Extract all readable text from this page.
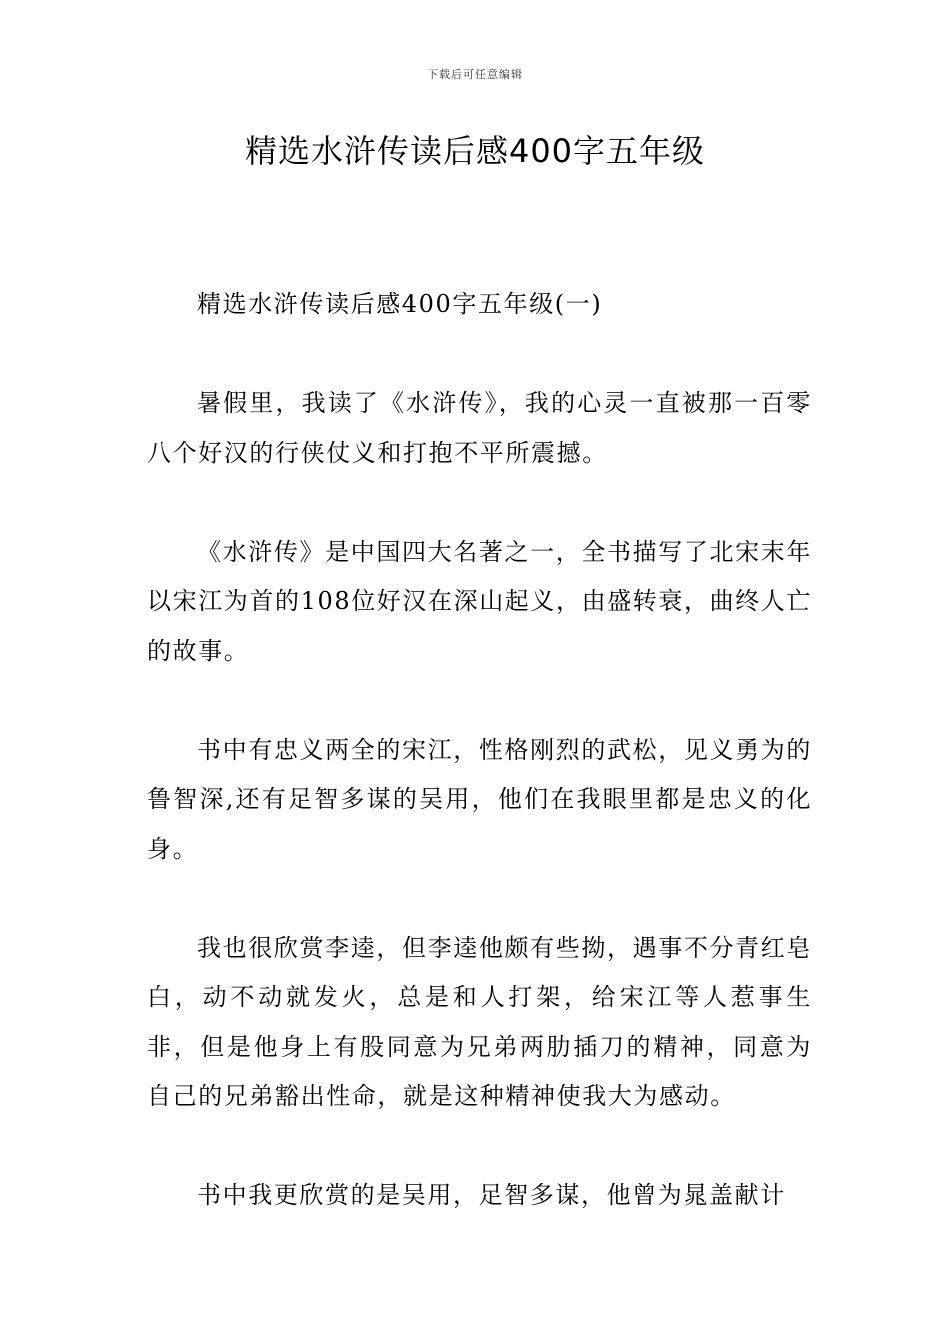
下载后可任意编辑
精选水浒传读后感400字五年级

精选水浒传读后感400字五年级(一)

暑假里，我读了《水浒传》，我的心灵一直被那一百零八个好汉的行侠仗义和打抱不平所震撼。

《水浒传》是中国四大名著之一，全书描写了北宋末年以宋江为首的108位好汉在深山起义，由盛转衰，曲终人亡的故事。

书中有忠义两全的宋江，性格刚烈的武松，见义勇为的鲁智深,还有足智多谋的吴用，他们在我眼里都是忠义的化身。

我也很欣赏李逵，但李逵他颇有些拗，遇事不分青红皂白，动不动就发火，总是和人打架，给宋江等人惹事生非，但是他身上有股同意为兄弟两肋插刀的精神，同意为自己的兄弟豁出性命，就是这种精神使我大为感动。

书中我更欣赏的是吴用，足智多谋，他曾为晁盖献计
